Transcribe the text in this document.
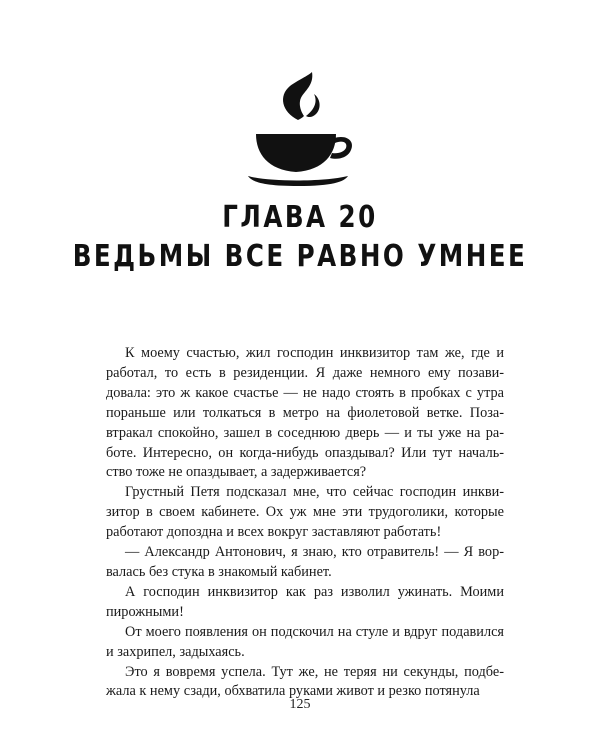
ГЛАВА 20
ВЕДЬМЫ ВСЕ РАВНО УМНЕЕ

К моему счастью, жил господин инквизитор там же, где и работал, то есть в резиденции. Я даже немного ему позавидовала: это ж какое счастье — не надо стоять в пробках с утра пораньше или толкаться в метро на фиолетовой ветке. Позавтракал спокойно, зашел в соседнюю дверь — и ты уже на работе. Интересно, он когда-нибудь опаздывал? Или тут начальство тоже не опаздывает, а задерживается?

Грустный Петя подсказал мне, что сейчас господин инквизитор в своем кабинете. Ох уж мне эти трудоголики, которые работают допоздна и всех вокруг заставляют работать!

— Александр Антонович, я знаю, кто отравитель! — Я ворвалась без стука в знакомый кабинет.

А господин инквизитор как раз изволил ужинать. Моими пирожными!

От моего появления он подскочил на стуле и вдруг подавился и захрипел, задыхаясь.

Это я вовремя успела. Тут же, не теряя ни секунды, подбежала к нему сзади, обхватила руками живот и резко потянула

125
